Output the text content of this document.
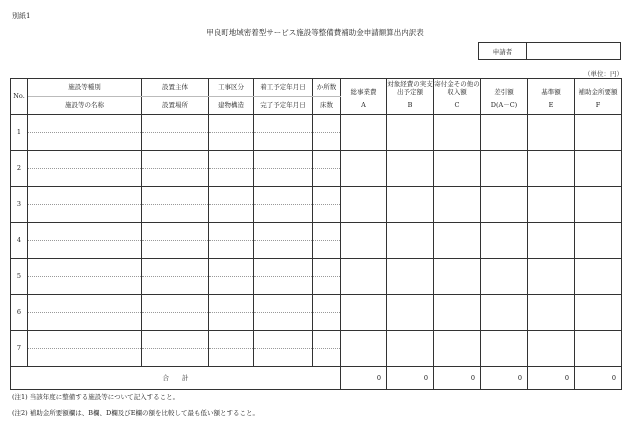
別紙1
甲良町地域密着型サービス施設等整備費補助金申請額算出内訳表
申請者	
（単位：円）
No.	施設等種別	設置主体	工事区分	着工予定年月日	か所数	総事業費	対象経費の実支出予定額	寄付金その他の収入額	差引額	基準額	補助金所要額
	施設等の名称	設置場所	建物構造	完了予定年月日	床数	A	B	C	D(A－C)	E	F
1											

2											

3											

4											

5											

6											

7											

合　　計						0	0	0	0	0	0
(注1) 当該年度に整備する施設等について記入すること。
(注2) 補助金所要額欄は、B欄、D欄及びE欄の額を比較して最も低い額とすること。
